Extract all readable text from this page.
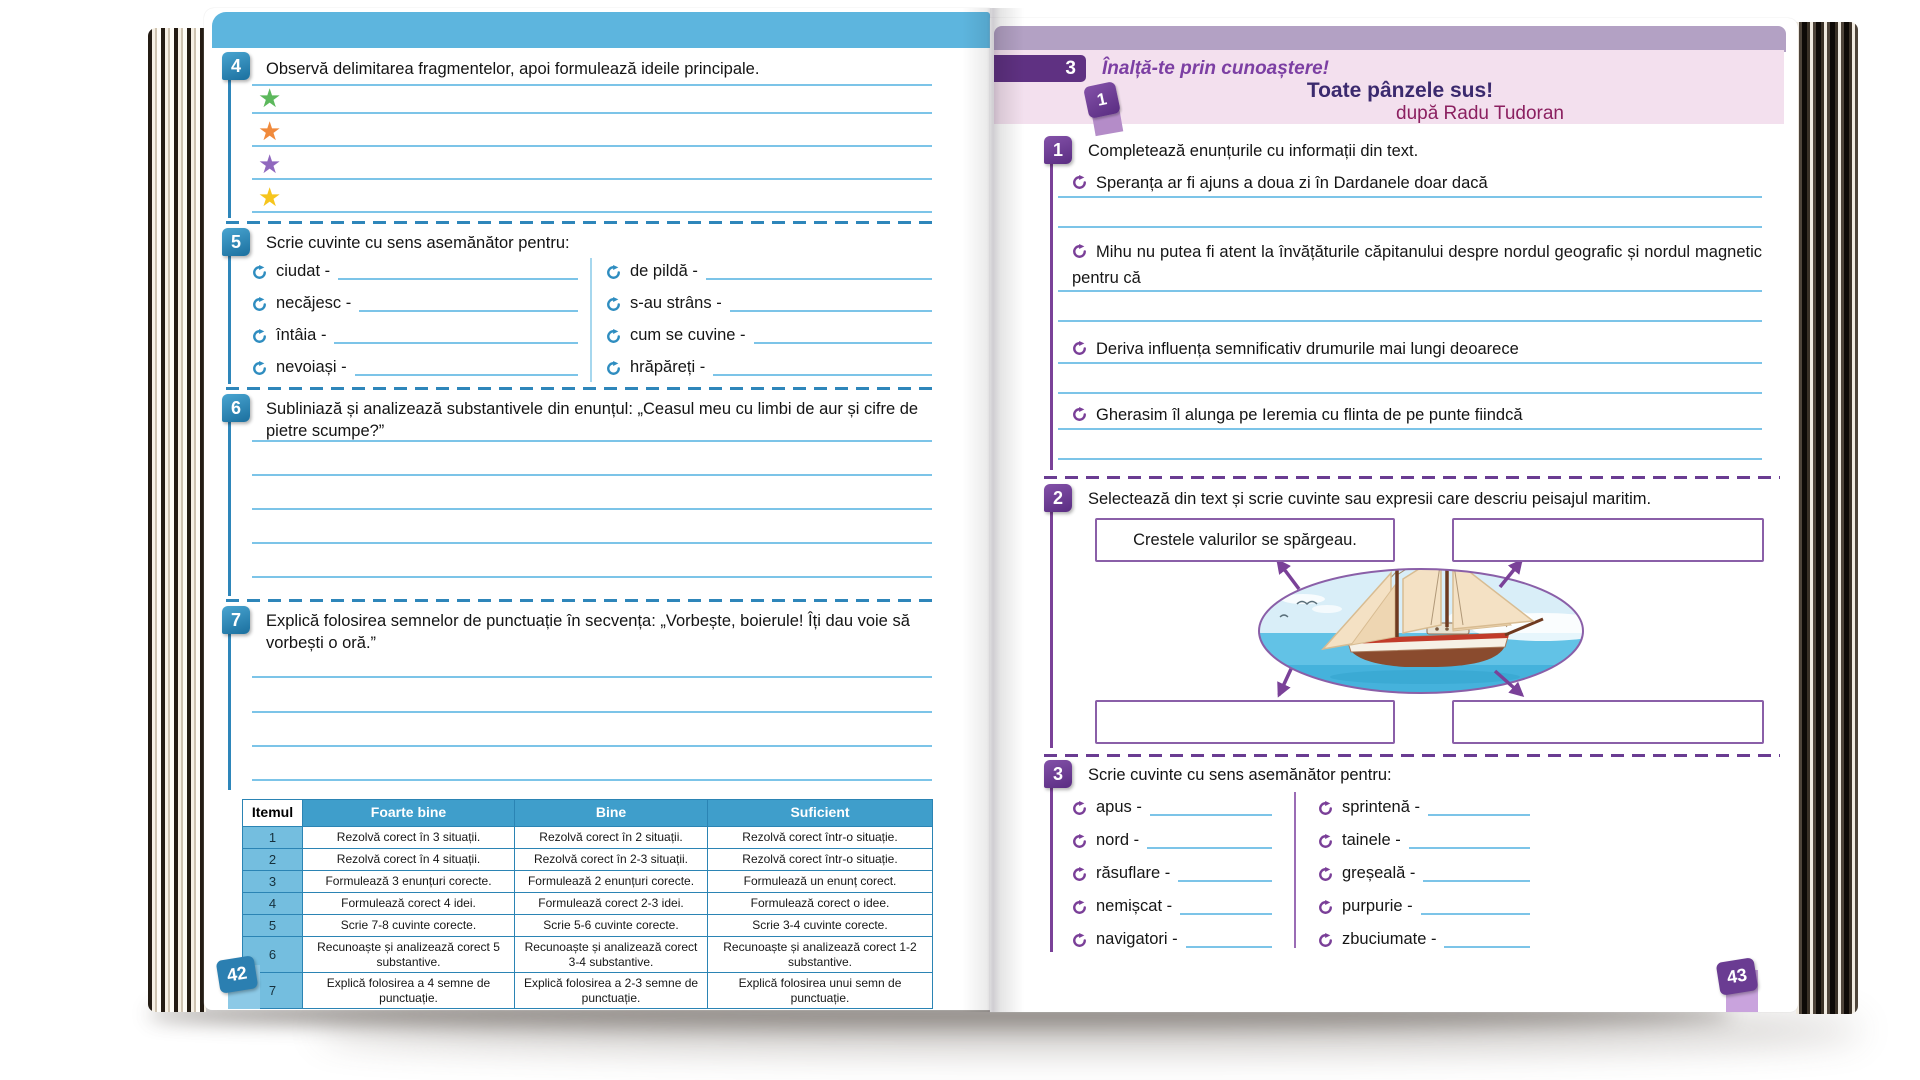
4 Observă delimitarea fragmentelor, apoi formulează ideile principale.
★
★
★
★
5 Scrie cuvinte cu sens asemănător pentru:
ciudat -
necăjesc -
întâia -
nevoiași -
de pildă -
s-au strâns -
cum se cuvine -
hrăpăreți -
6 Subliniază și analizează substantivele din enunțul: „Ceasul meu cu limbi de aur și cifre de pietre scumpe?”
7 Explică folosirea semnelor de punctuație în secvența: „Vorbește, boierule! Îți dau voie să vorbești o oră.”
Itemul	Foarte bine	Bine	Suficient
1	Rezolvă corect în 3 situații.	Rezolvă corect în 2 situații.	Rezolvă corect într-o situație.
2	Rezolvă corect în 4 situații.	Rezolvă corect în 2-3 situații.	Rezolvă corect într-o situație.
3	Formulează 3 enunțuri corecte.	Formulează 2 enunțuri corecte.	Formulează un enunț corect.
4	Formulează corect 4 idei.	Formulează corect 2-3 idei.	Formulează corect o idee.
5	Scrie 7-8 cuvinte corecte.	Scrie 5-6 cuvinte corecte.	Scrie 3-4 cuvinte corecte.
6	Recunoaște și analizează corect 5 substantive.	Recunoaște și analizează corect 3-4 substantive.	Recunoaște și analizează corect 1-2 substantive.
7	Explică folosirea a 4 semne de punctuație.	Explică folosirea a 2-3 semne de punctuație.	Explică folosirea unui semn de punctuație.
42
3 Înalță-te prin cunoaștere!
1	Toate pânzele sus!
după Radu Tudoran
1 Completează enunțurile cu informații din text.
Speranța ar fi ajuns a doua zi în Dardanele doar dacă
Mihu nu putea fi atent la învățăturile căpitanului despre nordul geografic și nordul magnetic pentru că
Deriva influența semnificativ drumurile mai lungi deoarece
Gherasim îl alunga pe Ieremia cu flinta de pe punte fiindcă
2 Selectează din text și scrie cuvinte sau expresii care descriu peisajul maritim.
Crestele valurilor se spărgeau.
3 Scrie cuvinte cu sens asemănător pentru:
apus -
nord -
răsuflare -
nemișcat -
navigatori -
sprintenă -
tainele -
greșeală -
purpurie -
zbuciumate -
43
